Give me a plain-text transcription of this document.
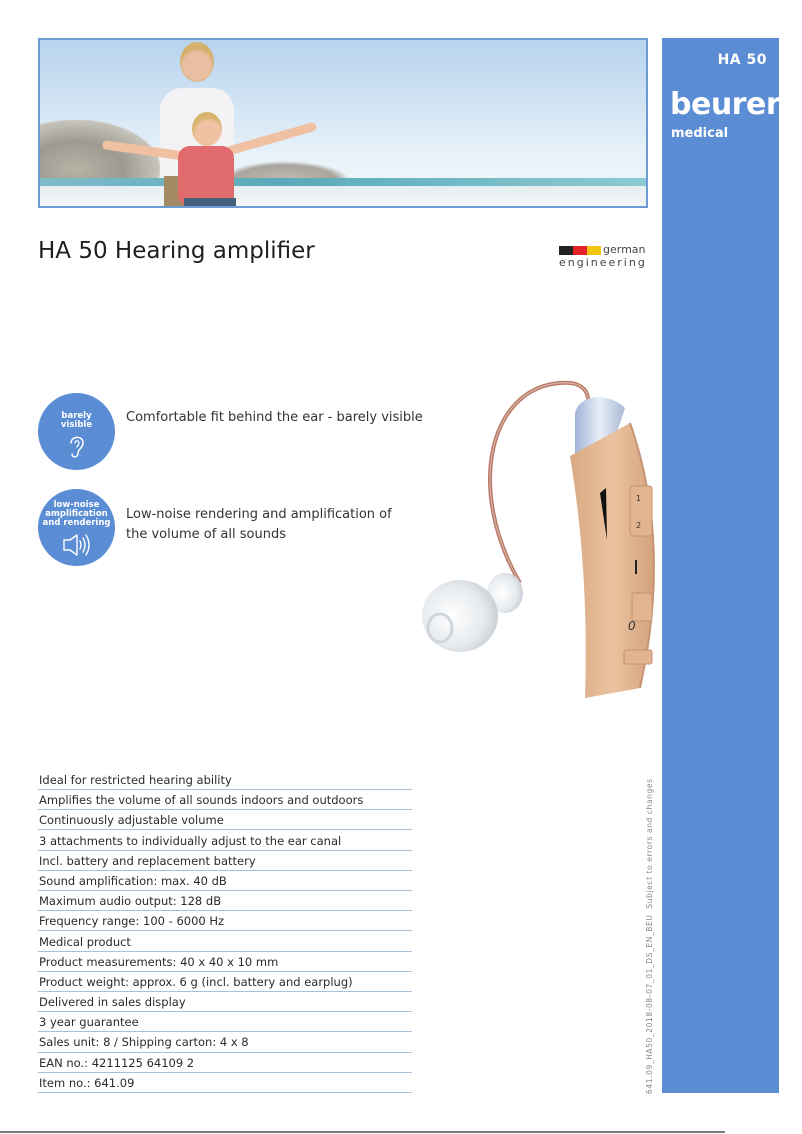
HA 50
beurer
medical
641.09_HA50_2018-08-07_01_DS_EN_BEU  Subject to errors and changes
HA 50 Hearing amplifier	german
engineering
barely
visible	Comfortable fit behind the ear - barely visible
low-noise
amplification
and rendering
Low-noise rendering and amplification of
the volume of all sounds
1
2
0
Ideal for restricted hearing ability
Amplifies the volume of all sounds indoors and outdoors
Continuously adjustable volume
3 attachments to individually adjust to the ear canal
Incl. battery and replacement battery
Sound amplification: max. 40 dB
Maximum audio output: 128 dB
Frequency range: 100 - 6000 Hz
Medical product
Product measurements: 40 x 40 x 10 mm
Product weight: approx. 6 g (incl. battery and earplug)
Delivered in sales display
3 year guarantee
Sales unit: 8 / Shipping carton: 4 x 8
EAN no.: 4211125 64109 2
Item no.: 641.09
